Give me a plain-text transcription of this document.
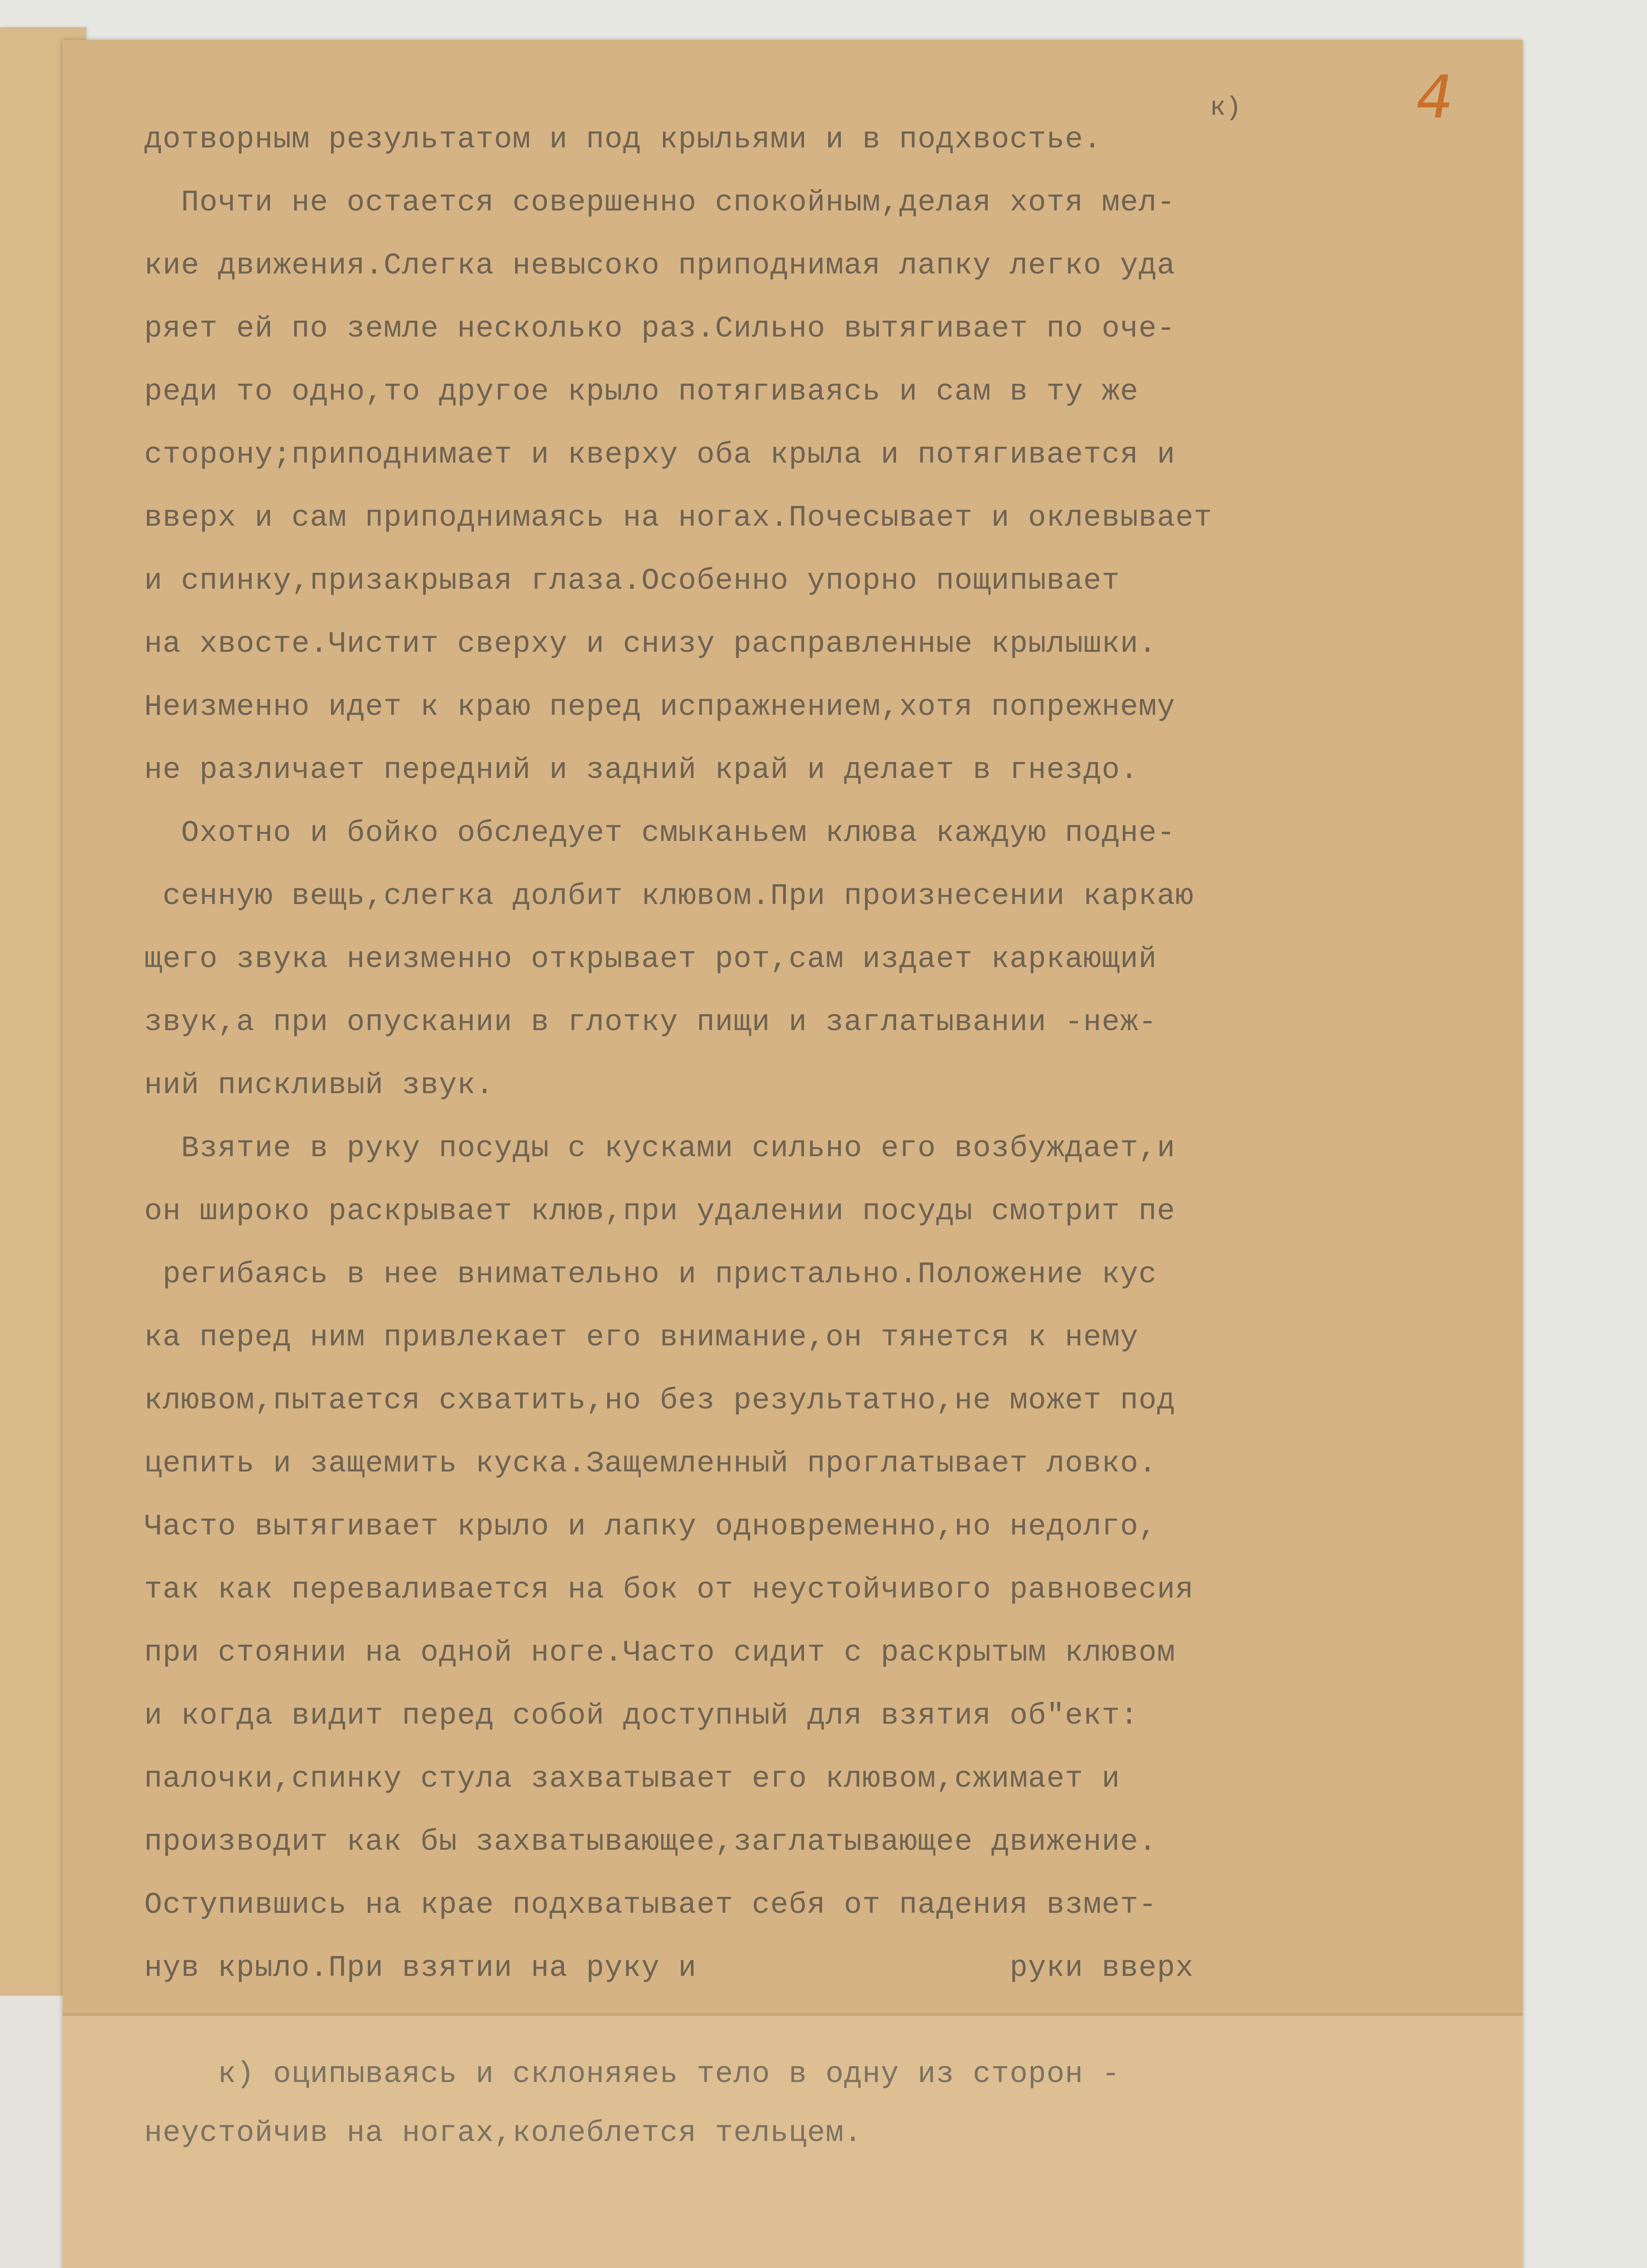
4
к)
дотворным результатом и под крыльями и в подхвостье.
Почти не остается совершенно спокойным,делая хотя мел-
кие движения.Слегка невысоко приподнимая лапку легко уда
ряет ей по земле несколько раз.Сильно вытягивает по оче-
реди то одно,то другое крыло потягиваясь и сам в ту же
сторону;приподнимает и кверху оба крыла и потягивается и
вверх и сам приподнимаясь на ногах.Почесывает и оклевывает
и спинку,призакрывая глаза.Особенно упорно пощипывает
на хвосте.Чистит сверху и снизу расправленные крылышки.
Неизменно идет к краю перед испражнением,хотя попрежнему
не различает передний и задний край и делает в гнездо.
Охотно и бойко обследует смыканьем клюва каждую подне-
сенную вещь,слегка долбит клювом.При произнесении каркаю
щего звука неизменно открывает рот,сам издает каркающий
звук,а при опускании в глотку пищи и заглатывании -неж-
ний пискливый звук.
Взятие в руку посуды с кусками сильно его возбуждает,и
он широко раскрывает клюв,при удалении посуды смотрит пе
регибаясь в нее внимательно и пристально.Положение кус
ка перед ним привлекает его внимание,он тянется к нему
клювом,пытается схватить,но без результатно,не может под
цепить и защемить куска.Защемленный проглатывает ловко.
Часто вытягивает крыло и лапку одновременно,но недолго,
так как переваливается на бок от неустойчивого равновесия
при стоянии на одной ноге.Часто сидит с раскрытым клювом
и когда видит перед собой доступный для взятия об"ект:
палочки,спинку стула захватывает его клювом,сжимает и
производит как бы захватывающее,заглатывающее движение.
Оступившись на крае подхватывает себя от падения взмет-
нув крыло.При взятии на руку и                 руки вверх
к) оципываясь и склоняяеь тело в одну из сторон -
неустойчив на ногах,колеблется тельцем.
